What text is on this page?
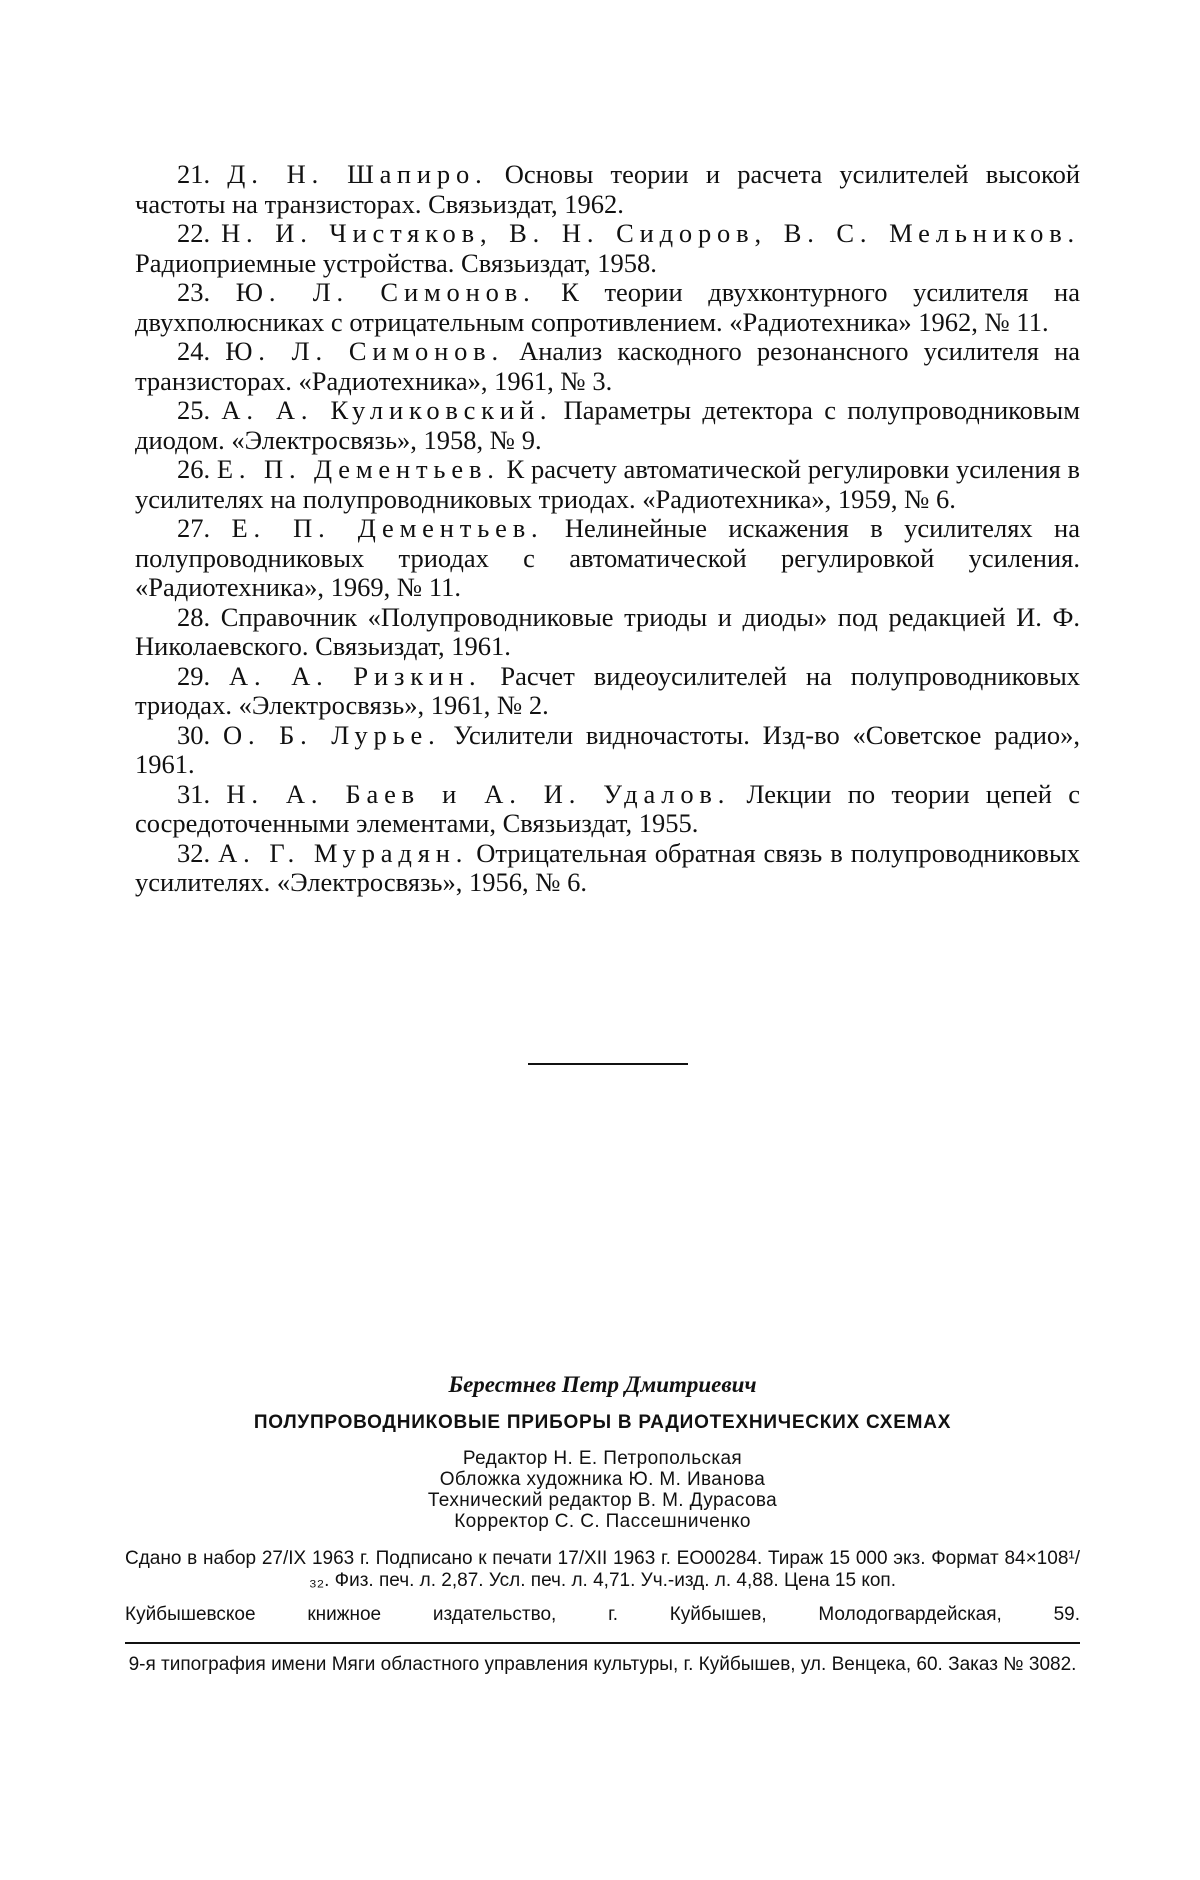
21. Д. Н. Шапиро. Основы теории и расчета усилителей высокой частоты на транзисторах. Связьиздат, 1962.

22. Н. И. Чистяков, В. Н. Сидоров, В. С. Мельников. Радиоприемные устройства. Связьиздат, 1958.

23. Ю. Л. Симонов. К теории двухконтурного усилителя на двухполюсниках с отрицательным сопротивлением. «Радиотехника» 1962, № 11.

24. Ю. Л. Симонов. Анализ каскодного резонансного усилителя на транзисторах. «Радиотехника», 1961, № 3.

25. А. А. Куликовский. Параметры детектора с полупроводниковым диодом. «Электросвязь», 1958, № 9.

26. Е. П. Дементьев. К расчету автоматической регулировки усиления в усилителях на полупроводниковых триодах. «Радиотехника», 1959, № 6.

27. Е. П. Дементьев. Нелинейные искажения в усилителях на полупроводниковых триодах с автоматической регулировкой усиления. «Радиотехника», 1969, № 11.

28. Справочник «Полупроводниковые триоды и диоды» под редакцией И. Ф. Николаевского. Связьиздат, 1961.

29. А. А. Ризкин. Расчет видеоусилителей на полупроводниковых триодах. «Электросвязь», 1961, № 2.

30. О. Б. Лурье. Усилители видночастоты. Изд-во «Советское радио», 1961.

31. Н. А. Баев и А. И. Удалов. Лекции по теории цепей с сосредоточенными элементами, Связьиздат, 1955.

32. А. Г. Мурадян. Отрицательная обратная связь в полупроводниковых усилителях. «Электросвязь», 1956, № 6.

Берестнев Петр Дмитриевич

ПОЛУПРОВОДНИКОВЫЕ ПРИБОРЫ В РАДИОТЕХНИЧЕСКИХ СХЕМАХ

Редактор Н. Е. Петропольская

Обложка художника Ю. М. Иванова

Технический редактор В. М. Дурасова

Корректор С. С. Пассешниченко

Сдано в набор 27/IX 1963 г. Подписано к печати 17/XII 1963 г. ЕО00284. Тираж 15 000 экз. Формат 84×108¹/₃₂. Физ. печ. л. 2,87. Усл. печ. л. 4,71. Уч.-изд. л. 4,88. Цена 15 коп.

Куйбышевское книжное издательство, г. Куйбышев, Молодогвардейская, 59.

9-я типография имени Мяги областного управления культуры, г. Куйбышев, ул. Венцека, 60. Заказ № 3082.
